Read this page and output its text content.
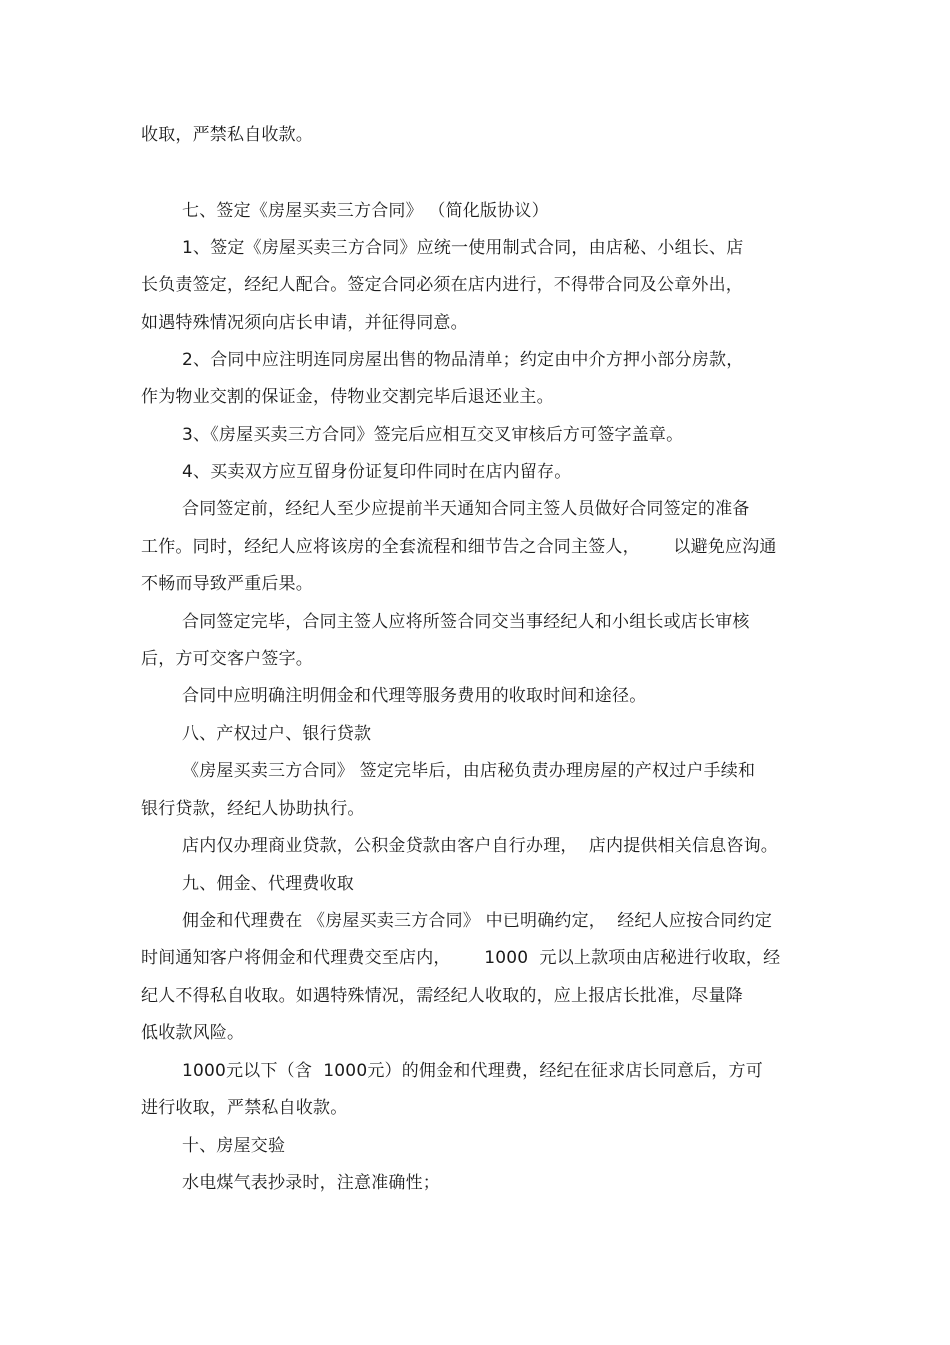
收取，严禁私自收款。
七、签定《房屋买卖三方合同》 （简化版协议）
1、签定《房屋买卖三方合同》应统一使用制式合同，由店秘、小组长、店
长负责签定，经纪人配合。签定合同必须在店内进行，不得带合同及公章外出，
如遇特殊情况须向店长申请，并征得同意。
2、合同中应注明连同房屋出售的物品清单；约定由中介方押小部分房款，
作为物业交割的保证金，侍物业交割完毕后退还业主。
3、《房屋买卖三方合同》签完后应相互交叉审核后方可签字盖章。
4、买卖双方应互留身份证复印件同时在店内留存。
合同签定前，经纪人至少应提前半天通知合同主签人员做好合同签定的准备
工作。同时，经纪人应将该房的全套流程和细节告之合同主签人，      以避免应沟通
不畅而导致严重后果。
合同签定完毕，合同主签人应将所签合同交当事经纪人和小组长或店长审核
后，方可交客户签字。
合同中应明确注明佣金和代理等服务费用的收取时间和途径。
八、产权过户、银行贷款
《房屋买卖三方合同》 签定完毕后，由店秘负责办理房屋的产权过户手续和
银行贷款，经纪人协助执行。
店内仅办理商业贷款，公积金贷款由客户自行办理，  店内提供相关信息咨询。
九、佣金、代理费收取
佣金和代理费在 《房屋买卖三方合同》 中已明确约定，  经纪人应按合同约定
时间通知客户将佣金和代理费交至店内，      1000  元以上款项由店秘进行收取，经
纪人不得私自收取。如遇特殊情况，需经纪人收取的，应上报店长批准，尽量降
低收款风险。
1000元以下（含  1000元）的佣金和代理费，经纪在征求店长同意后，方可
进行收取，严禁私自收款。
十、房屋交验
水电煤气表抄录时，注意准确性；
